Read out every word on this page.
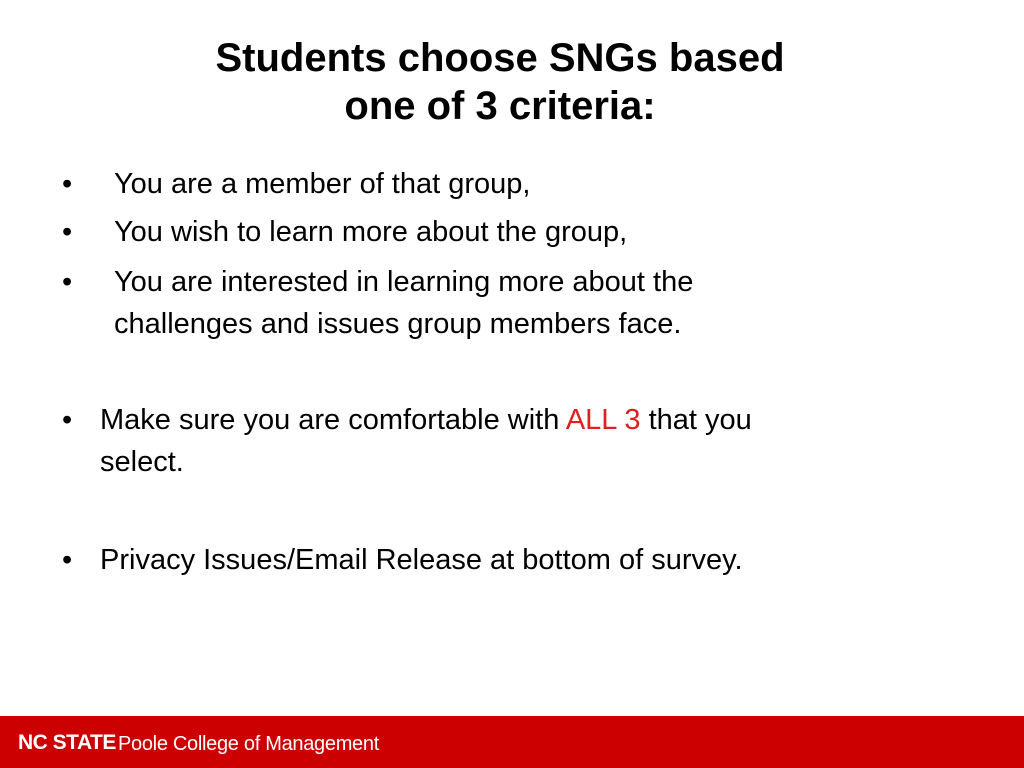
Students choose SNGs based
one of 3 criteria:
• You are a member of that group,
• You wish to learn more about the group,
• You are interested in learning more about the
challenges and issues group members face.
• Make sure you are comfortable with ALL 3 that you
select.
• Privacy Issues/Email Release at bottom of survey.
NC STATE Poole College of Management
